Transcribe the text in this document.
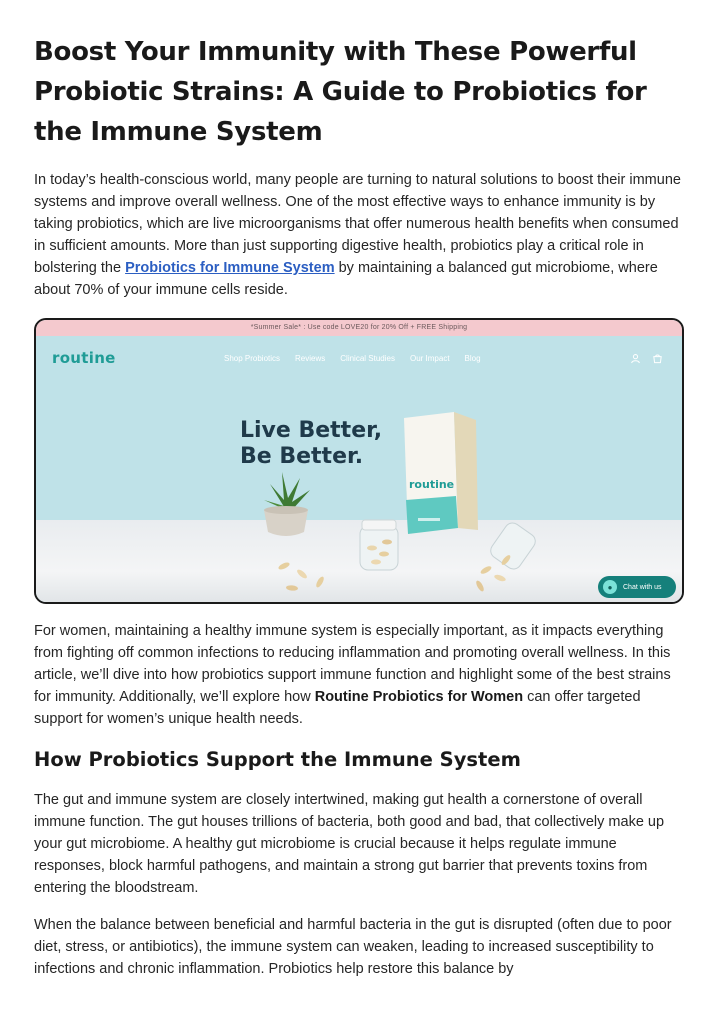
Boost Your Immunity with These Powerful Probiotic Strains: A Guide to Probiotics for the Immune System

In today’s health-conscious world, many people are turning to natural solutions to boost their immune systems and improve overall wellness. One of the most effective ways to enhance immunity is by taking probiotics, which are live microorganisms that offer numerous health benefits when consumed in sufficient amounts. More than just supporting digestive health, probiotics play a critical role in bolstering the Probiotics for Immune System by maintaining a balanced gut microbiome, where about 70% of your immune cells reside.

*Summer Sale* : Use code LOVE20 for 20% Off + FREE Shipping
routine	Shop Probiotics Reviews Clinical Studies Our Impact Blog
Live Better,
Be Better.
routine
●	Chat with us

For women, maintaining a healthy immune system is especially important, as it impacts everything from fighting off common infections to reducing inflammation and promoting overall wellness. In this article, we’ll dive into how probiotics support immune function and highlight some of the best strains for immunity. Additionally, we’ll explore how Routine Probiotics for Women can offer targeted support for women’s unique health needs.

How Probiotics Support the Immune System

The gut and immune system are closely intertwined, making gut health a cornerstone of overall immune function. The gut houses trillions of bacteria, both good and bad, that collectively make up your gut microbiome. A healthy gut microbiome is crucial because it helps regulate immune responses, block harmful pathogens, and maintain a strong gut barrier that prevents toxins from entering the bloodstream.

When the balance between beneficial and harmful bacteria in the gut is disrupted (often due to poor diet, stress, or antibiotics), the immune system can weaken, leading to increased susceptibility to infections and chronic inflammation. Probiotics help restore this balance by
